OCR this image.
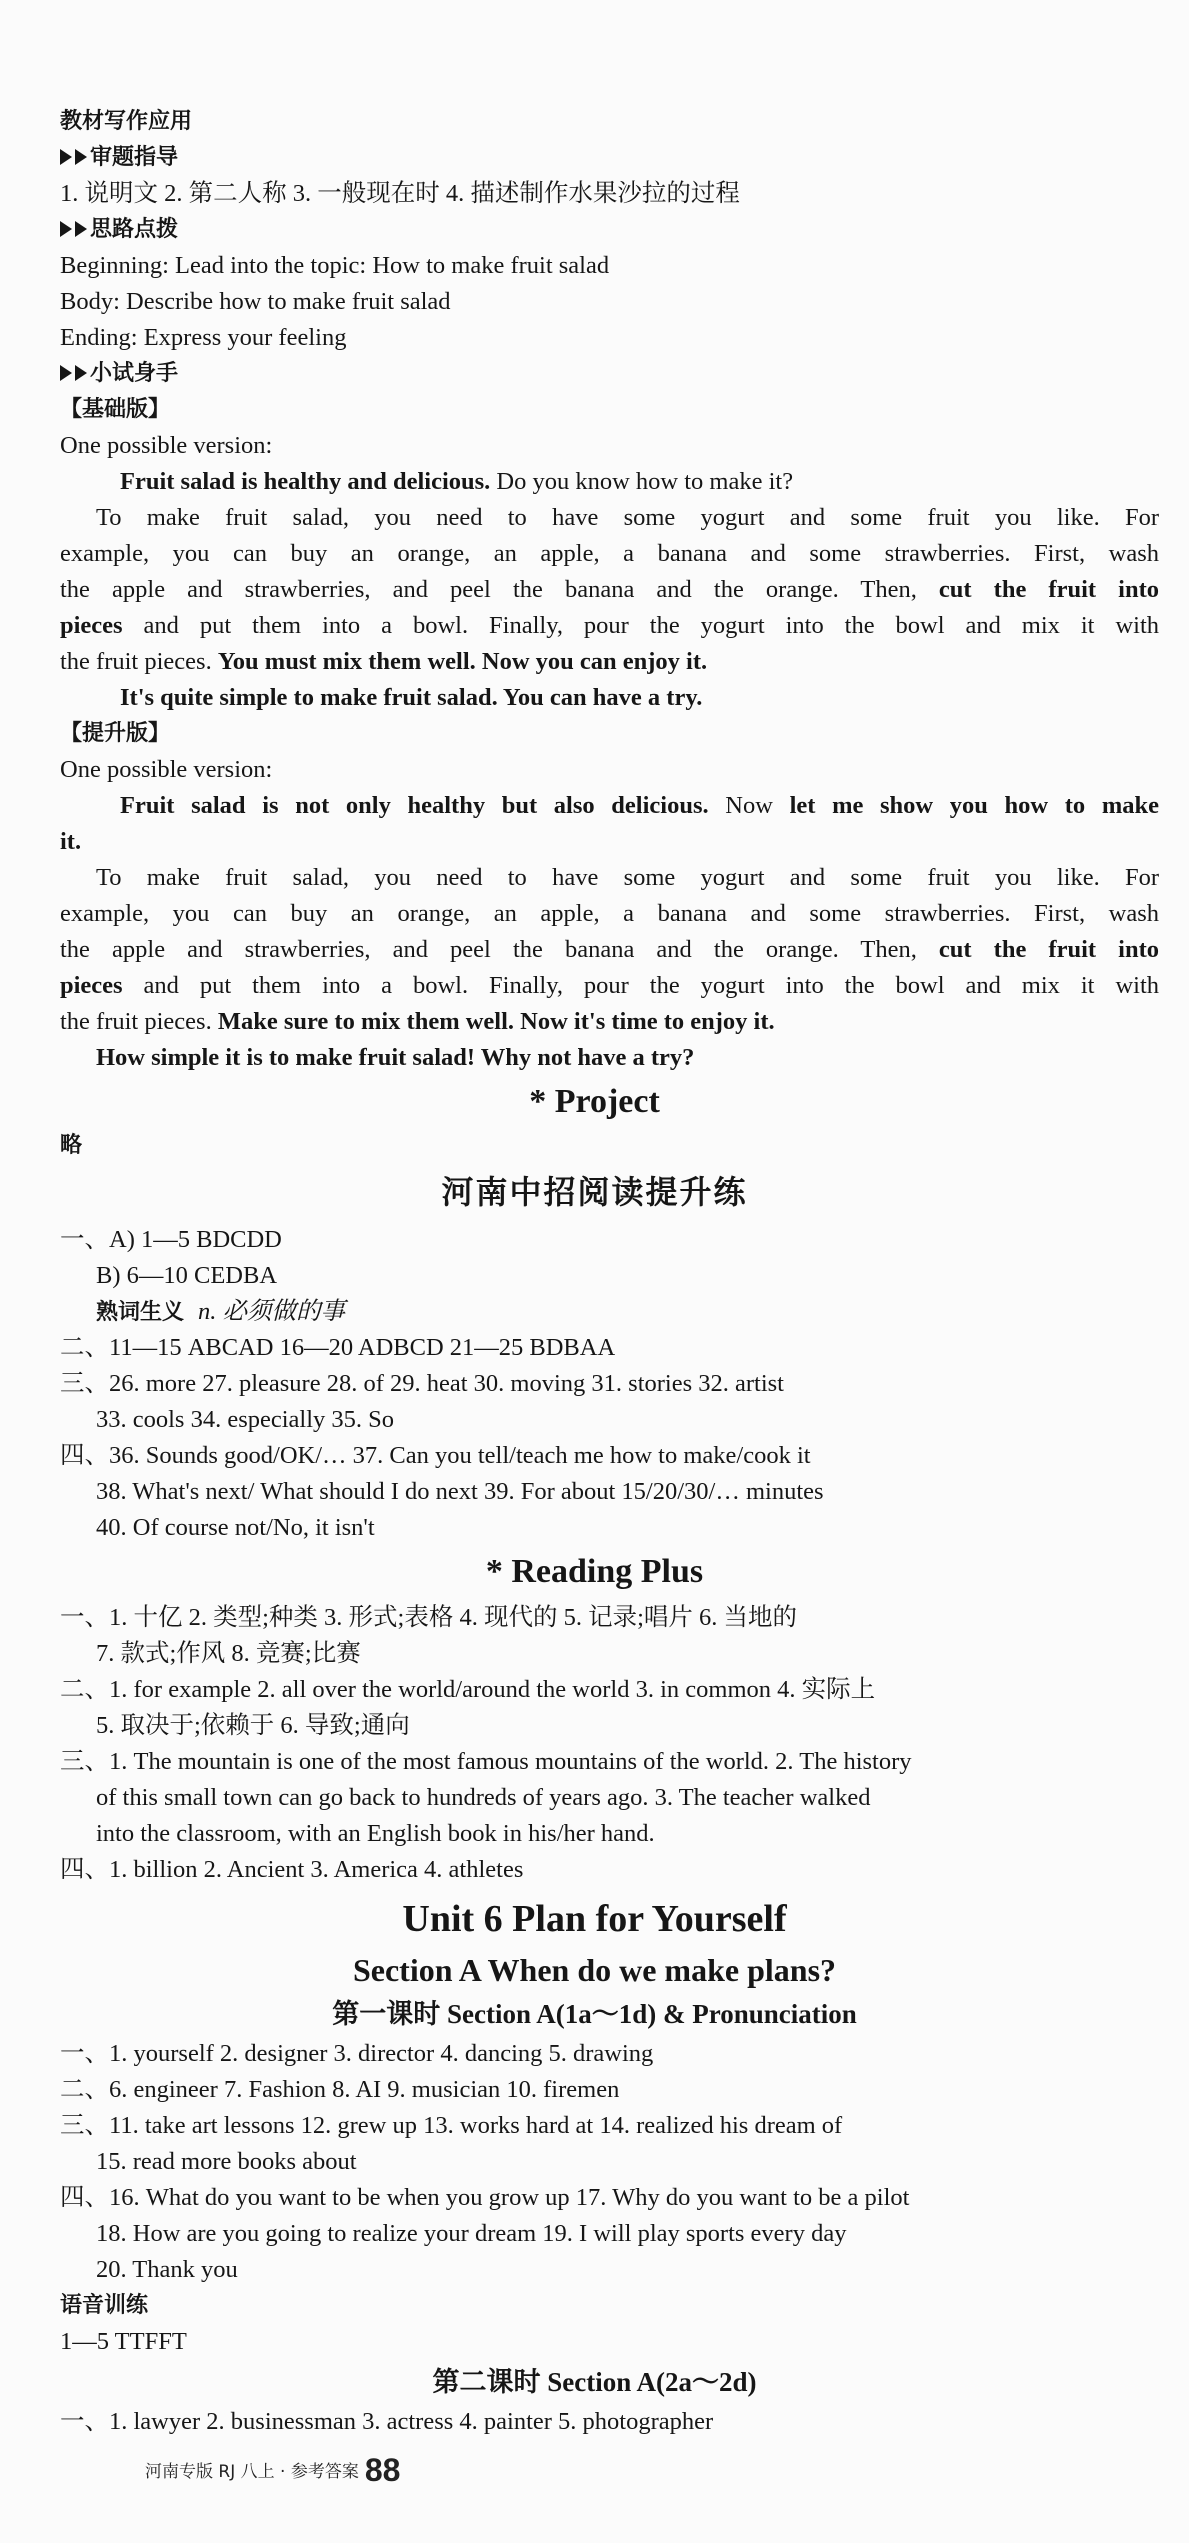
教材写作应用
审题指导
1. 说明文 2. 第二人称 3. 一般现在时 4. 描述制作水果沙拉的过程
思路点拨
Beginning: Lead into the topic: How to make fruit salad
Body: Describe how to make fruit salad
Ending: Express your feeling
小试身手
【基础版】
One possible version:
Fruit salad is healthy and delicious. Do you know how to make it?
To make fruit salad, you need to have some yogurt and some fruit you like. For
example, you can buy an orange, an apple, a banana and some strawberries. First, wash
the apple and strawberries, and peel the banana and the orange. Then, cut the fruit into
pieces and put them into a bowl. Finally, pour the yogurt into the bowl and mix it with
the fruit pieces. You must mix them well. Now you can enjoy it.
It's quite simple to make fruit salad. You can have a try.
【提升版】
One possible version:
Fruit salad is not only healthy but also delicious. Now let me show you how to make
it.
To make fruit salad, you need to have some yogurt and some fruit you like. For
example, you can buy an orange, an apple, a banana and some strawberries. First, wash
the apple and strawberries, and peel the banana and the orange. Then, cut the fruit into
pieces and put them into a bowl. Finally, pour the yogurt into the bowl and mix it with
the fruit pieces. Make sure to mix them well. Now it's time to enjoy it.
How simple it is to make fruit salad! Why not have a try?
* Project
略
河南中招阅读提升练
一、A) 1—5 BDCDD
B) 6—10 CEDBA
熟词生义 n. 必须做的事
二、11—15 ABCAD 16—20 ADBCD 21—25 BDBAA
三、26. more 27. pleasure 28. of 29. heat 30. moving 31. stories 32. artist
33. cools 34. especially 35. So
四、36. Sounds good/OK/… 37. Can you tell/teach me how to make/cook it
38. What's next/ What should I do next 39. For about 15/20/30/… minutes
40. Of course not/No, it isn't
* Reading Plus
一、1. 十亿 2. 类型;种类 3. 形式;表格 4. 现代的 5. 记录;唱片 6. 当地的
7. 款式;作风 8. 竞赛;比赛
二、1. for example 2. all over the world/around the world 3. in common 4. 实际上
5. 取决于;依赖于 6. 导致;通向
三、1. The mountain is one of the most famous mountains of the world. 2. The history
of this small town can go back to hundreds of years ago. 3. The teacher walked
into the classroom, with an English book in his/her hand.
四、1. billion 2. Ancient 3. America 4. athletes
Unit 6 Plan for Yourself
Section A When do we make plans?
第一课时 Section A(1a～1d) & Pronunciation
一、1. yourself 2. designer 3. director 4. dancing 5. drawing
二、6. engineer 7. Fashion 8. AI 9. musician 10. firemen
三、11. take art lessons 12. grew up 13. works hard at 14. realized his dream of
15. read more books about
四、16. What do you want to be when you grow up 17. Why do you want to be a pilot
18. How are you going to realize your dream 19. I will play sports every day
20. Thank you
语音训练
1—5 TTFFT
第二课时 Section A(2a～2d)
一、1. lawyer 2. businessman 3. actress 4. painter 5. photographer
河南专版 RJ 八上 · 参考答案 88
